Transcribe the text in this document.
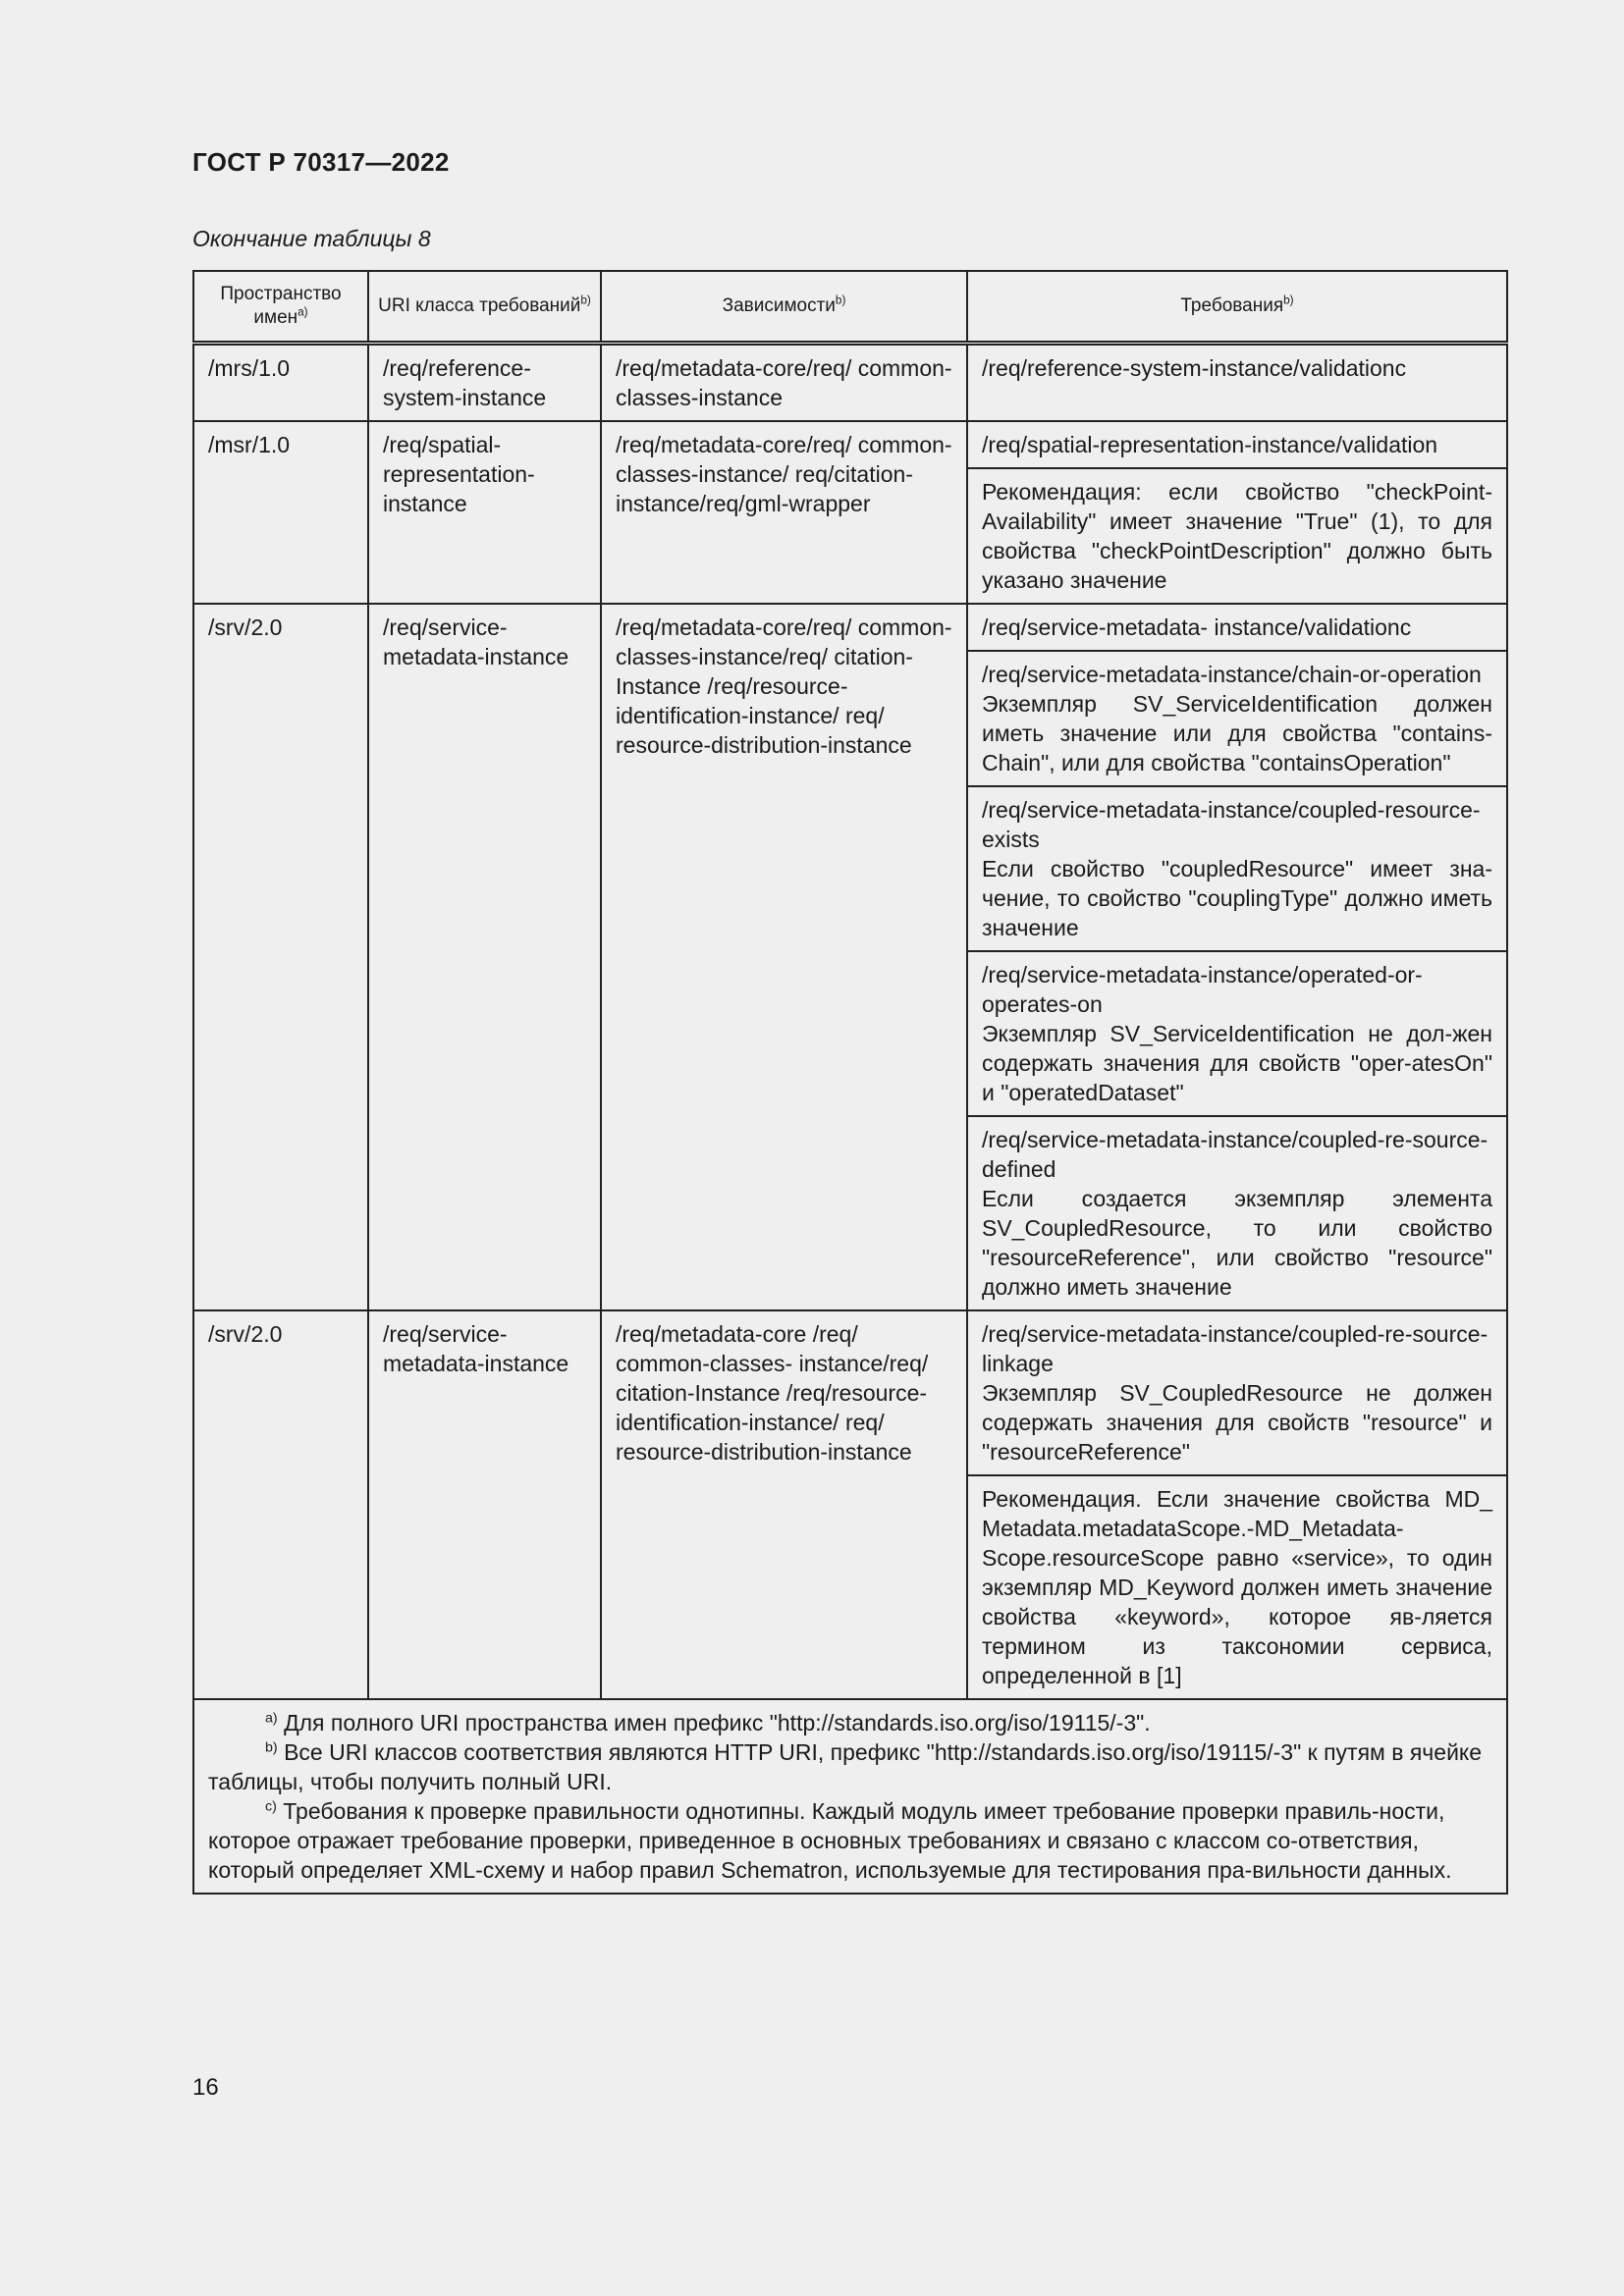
ГОСТ Р 70317—2022
Окончание таблицы 8
Пространство имен$^{a)}$	URI класса требований$^{b)}$	Зависимости$^{b)}$	Требования$^{b)}$
/mrs/1.0	/req/reference-system-instance	/req/metadata-core/req/ common-classes-instance	/req/reference-system-instance/validationc

/msr/1.0	/req/spatial-representation-instance	/req/metadata-core/req/ common-classes-instance/ req/citation- instance/req/gml-wrapper	/req/spatial-representation-instance/validation

			Рекомендация: если свойство "checkPoint-Availability" имеет значение "True" (1), то для свойства "checkPointDescription" должно быть указано значение

/srv/2.0	/req/service-metadata-instance	/req/metadata-core/req/ common-classes-instance/req/ citation-Instance /req/resource-identification-instance/ req/ resource-distribution-instance	/req/service-metadata- instance/validationc

			/req/service-metadata-instance/chain-or-operation
Экземпляр SV_ServiceIdentification должен иметь значение или для свойства "contains-Chain", или для свойства "containsOperation"

			/req/service-metadata-instance/coupled-resource-exists
Если свойство "coupledResource" имеет зна-чение, то свойство "couplingType" должно иметь значение

			/req/service-metadata-instance/operated-or-operates-on
Экземпляр SV_ServiceIdentification не дол-жен содержать значения для свойств "oper-atesOn" и "operatedDataset"

			/req/service-metadata-instance/coupled-re-source-defined
Если создается экземпляр элемента SV_CoupledResource, то или свойство "resourceReference", или свойство "resource" должно иметь значение

/srv/2.0	/req/service-metadata-instance	/req/metadata-core /req/ common-classes- instance/req/ citation-Instance /req/resource-identification-instance/ req/ resource-distribution-instance	/req/service-metadata-instance/coupled-re-source-linkage
Экземпляр SV_CoupledResource не должен содержать значения для свойств "resource" и "resourceReference"

			Рекомендация. Если значение свойства MD_ Metadata.metadataScope.-MD_Metadata-Scope.resourceScope равно «service», то один экземпляр MD_Keyword должен иметь значение свойства «keyword», которое яв-ляется термином из таксономии сервиса, определенной в [1]

$^{a)}$ Для полного URI пространства имен префикс "http://standards.iso.org/iso/19115/-3".
$^{b)}$ Все URI классов соответствия являются HTTP URI, префикс "http://standards.iso.org/iso/19115/-3" к путям в ячейке таблицы, чтобы получить полный URI.
$^{c)}$ Требования к проверке правильности однотипны. Каждый модуль имеет требование проверки правиль-ности, которое отражает требование проверки, приведенное в основных требованиях и связано с классом со-ответствия, который определяет XML-схему и набор правил Schematron, используемые для тестирования пра-вильности данных.			
16
